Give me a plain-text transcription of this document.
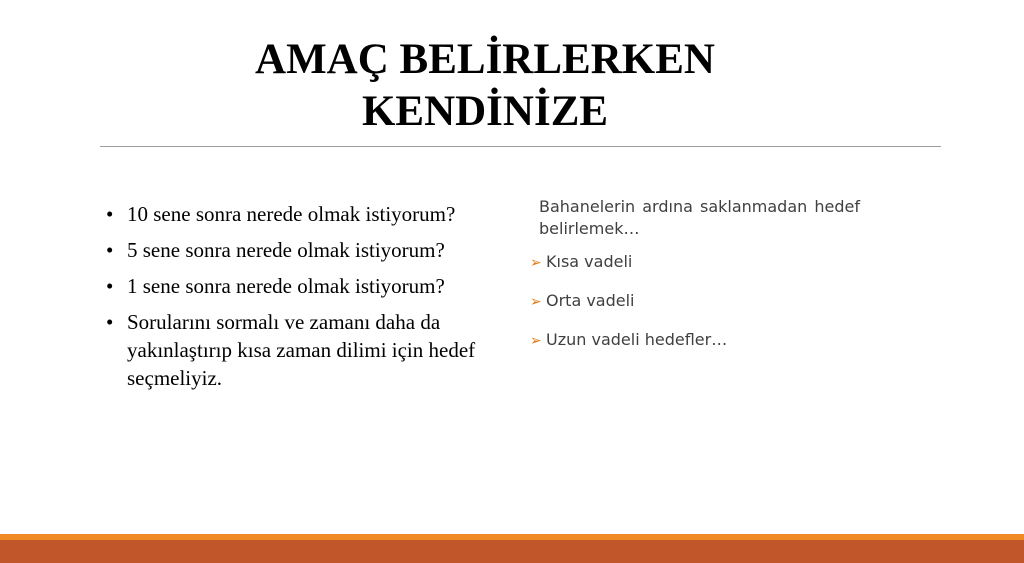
AMAÇ BELİRLERKEN
KENDİNİZE
• 10 sene sonra nerede olmak istiyorum?
• 5 sene sonra nerede olmak istiyorum?
• 1 sene sonra nerede olmak istiyorum?
• Sorularını sormalı ve zamanı daha da yakınlaştırıp kısa zaman dilimi için hedef seçmeliyiz.

Bahanelerin ardına saklanmadan hedef belirlemek…

➢ Kısa vadeli
➢ Orta vadeli
➢ Uzun vadeli hedefler…
